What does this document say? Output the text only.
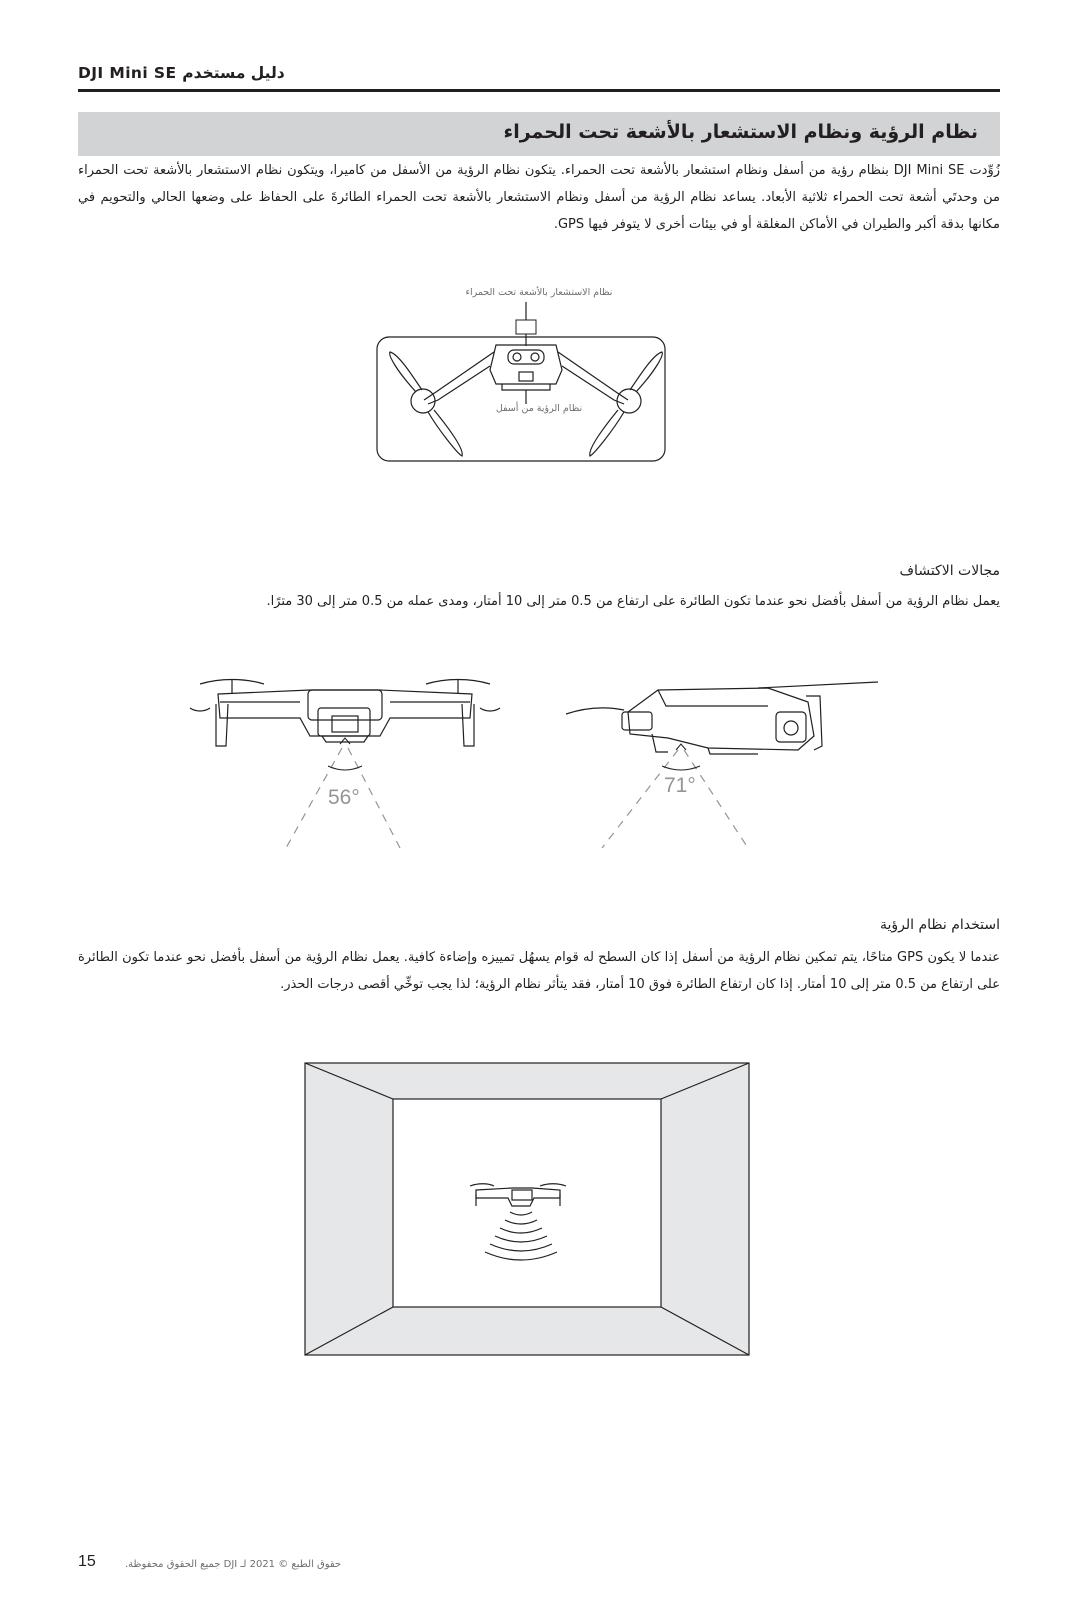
DJI Mini SE دليل مستخدم
نظام الرؤية ونظام الاستشعار بالأشعة تحت الحمراء
زُوِّدت DJI Mini SE بنظام رؤية من أسفل ونظام استشعار بالأشعة تحت الحمراء. يتكون نظام الرؤية من الأسفل من كاميرا، ويتكون نظام الاستشعار بالأشعة تحت الحمراء من وحدتَي أشعة تحت الحمراء ثلاثية الأبعاد. يساعد نظام الرؤية من أسفل ونظام الاستشعار بالأشعة تحت الحمراء الطائرةَ على الحفاظ على وضعها الحالي والتحويم في مكانها بدقة أكبر والطيران في الأماكن المغلقة أو في بيئات أخرى لا يتوفر فيها GPS.
نظام الاستشعار بالأشعة تحت الحمراء
نظام الرؤية من أسفل
مجالات الاكتشاف
يعمل نظام الرؤية من أسفل بأفضل نحو عندما تكون الطائرة على ارتفاع من 0.5 متر إلى 10 أمتار، ومدى عمله من 0.5 متر إلى 30 مترًا.
56°
71°
استخدام نظام الرؤية
عندما لا يكون GPS متاحًا، يتم تمكين نظام الرؤية من أسفل إذا كان السطح له قوام يسهُل تمييزه وإضاءة كافية. يعمل نظام الرؤية من أسفل بأفضل نحو عندما تكون الطائرة على ارتفاع من 0.5 متر إلى 10 أمتار. إذا كان ارتفاع الطائرة فوق 10 أمتار، فقد يتأثر نظام الرؤية؛ لذا يجب توخِّي أقصى درجات الحذر.
15	حقوق الطبع © 2021 لـ DJI جميع الحقوق محفوظة.
